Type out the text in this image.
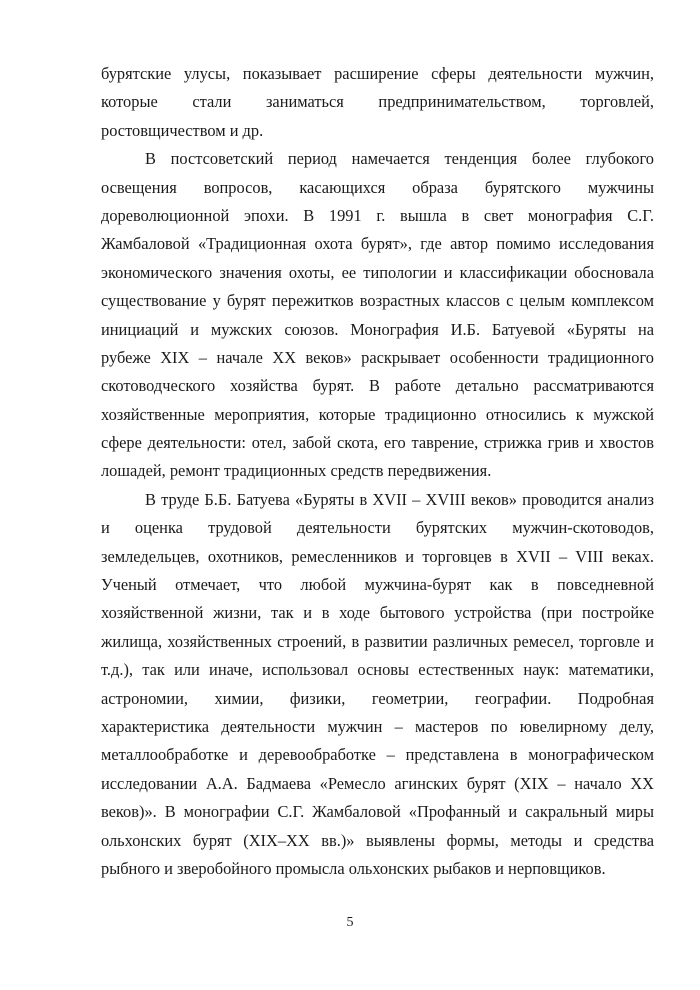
бурятские улусы, показывает расширение сферы деятельности мужчин,
которые стали заниматься предпринимательством, торговлей,
ростовщичеством и др.
В постсоветский период намечается тенденция более глубокого
освещения вопросов, касающихся образа бурятского мужчины
дореволюционной эпохи. В 1991 г. вышла в свет монография С.Г.
Жамбаловой «Традиционная охота бурят», где автор помимо исследования
экономического значения охоты, ее типологии и классификации обосновала
существование у бурят пережитков возрастных классов с целым комплексом
инициаций и мужских союзов. Монография И.Б. Батуевой «Буряты на
рубеже XIX – начале XX веков» раскрывает особенности традиционного
скотоводческого хозяйства бурят. В работе детально рассматриваются
хозяйственные мероприятия, которые традиционно относились к мужской
сфере деятельности: отел, забой скота, его таврение, стрижка грив и хвостов
лошадей, ремонт традиционных средств передвижения.
В труде Б.Б. Батуева «Буряты в XVII – XVIII веков» проводится анализ
и оценка трудовой деятельности бурятских мужчин-скотоводов,
земледельцев, охотников, ремесленников и торговцев в XVII – VIII веках.
Ученый отмечает, что любой мужчина-бурят как в повседневной
хозяйственной жизни, так и в ходе бытового устройства (при постройке
жилища, хозяйственных строений, в развитии различных ремесел, торговле и
т.д.), так или иначе, использовал основы естественных наук: математики,
астрономии, химии, физики, геометрии, географии. Подробная
характеристика деятельности мужчин – мастеров по ювелирному делу,
металлообработке и деревообработке – представлена в монографическом
исследовании А.А. Бадмаева «Ремесло агинских бурят (XIX – начало XX
веков)». В монографии С.Г. Жамбаловой «Профанный и сакральный миры
ольхонских бурят (XIX–XX вв.)» выявлены формы, методы и средства
рыбного и зверобойного промысла ольхонских рыбаков и нерповщиков.
5
